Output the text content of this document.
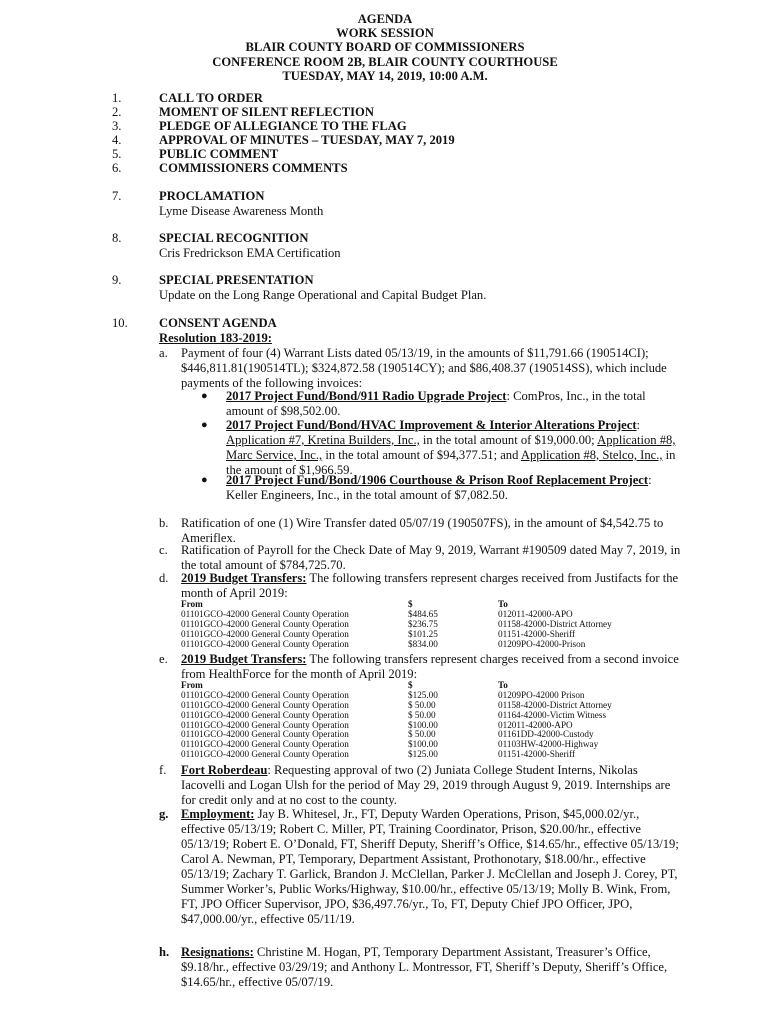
AGENDA
WORK SESSION
BLAIR COUNTY BOARD OF COMMISSIONERS
CONFERENCE ROOM 2B, BLAIR COUNTY COURTHOUSE
TUESDAY, MAY 14, 2019, 10:00 A.M.
1.	CALL TO ORDER
2.	MOMENT OF SILENT REFLECTION
3.	PLEDGE OF ALLEGIANCE TO THE FLAG
4.	APPROVAL OF MINUTES – TUESDAY, MAY 7, 2019
5.	PUBLIC COMMENT
6.	COMMISSIONERS COMMENTS
7.	PROCLAMATION
Lyme Disease Awareness Month
8.	SPECIAL RECOGNITION
Cris Fredrickson EMA Certification
9.	SPECIAL PRESENTATION
Update on the Long Range Operational and Capital Budget Plan.
10. CONSENT AGENDA
Resolution 183-2019:
a. Payment of four (4) Warrant Lists dated 05/13/19, in the amounts of $11,791.66 (190514CI); $446,811.81(190514TL); $324,872.58 (190514CY); and $86,408.37 (190514SS), which include payments of the following invoices:
● 2017 Project Fund/Bond/911 Radio Upgrade Project: ComPros, Inc., in the total amount of $98,502.00.
● 2017 Project Fund/Bond/HVAC Improvement & Interior Alterations Project: Application #7, Kretina Builders, Inc., in the total amount of $19,000.00; Application #8, Marc Service, Inc., in the total amount of $94,377.51; and Application #8, Stelco, Inc., in the amount of $1,966.59.
● 2017 Project Fund/Bond/1906 Courthouse & Prison Roof Replacement Project: Keller Engineers, Inc., in the total amount of $7,082.50.
b. Ratification of one (1) Wire Transfer dated 05/07/19 (190507FS), in the amount of $4,542.75 to Ameriflex.
c. Ratification of Payroll for the Check Date of May 9, 2019, Warrant #190509 dated May 7, 2019, in the total amount of $784,725.70.
d. 2019 Budget Transfers: The following transfers represent charges received from Justifacts for the month of April 2019:
From	$	To
01101GCO-42000 General County Operation	$484.65	012011-42000-APO
01101GCO-42000 General County Operation	$236.75	01158-42000-District Attorney
01101GCO-42000 General County Operation	$101.25	01151-42000-Sheriff
01101GCO-42000 General County Operation	$834.00	01209PO-42000-Prison
e. 2019 Budget Transfers: The following transfers represent charges received from a second invoice from HealthForce for the month of April 2019:
From	$	To
01101GCO-42000 General County Operation	$125.00	01209PO-42000 Prison
01101GCO-42000 General County Operation	$ 50.00	01158-42000-District Attorney
01101GCO-42000 General County Operation	$ 50.00	01164-42000-Victim Witness
01101GCO-42000 General County Operation	$100.00	012011-42000-APO
01101GCO-42000 General County Operation	$ 50.00	01161DD-42000-Custody
01101GCO-42000 General County Operation	$100.00	01103HW-42000-Highway
01101GCO-42000 General County Operation	$125.00	01151-42000-Sheriff
f. Fort Roberdeau: Requesting approval of two (2) Juniata College Student Interns, Nikolas Iacovelli and Logan Ulsh for the period of May 29, 2019 through August 9, 2019. Internships are for credit only and at no cost to the county.
g. Employment: Jay B. Whitesel, Jr., FT, Deputy Warden Operations, Prison, $45,000.02/yr., effective 05/13/19; Robert C. Miller, PT, Training Coordinator, Prison, $20.00/hr., effective 05/13/19; Robert E. O’Donald, FT, Sheriff Deputy, Sheriff’s Office, $14.65/hr., effective 05/13/19; Carol A. Newman, PT, Temporary, Department Assistant, Prothonotary, $18.00/hr., effective 05/13/19; Zachary T. Garlick, Brandon J. McClellan, Parker J. McClellan and Joseph J. Corey, PT, Summer Worker’s, Public Works/Highway, $10.00/hr., effective 05/13/19; Molly B. Wink, From, FT, JPO Officer Supervisor, JPO, $36,497.76/yr., To, FT, Deputy Chief JPO Officer, JPO, $47,000.00/yr., effective 05/11/19.
h. Resignations: Christine M. Hogan, PT, Temporary Department Assistant, Treasurer’s Office, $9.18/hr., effective 03/29/19; and Anthony L. Montressor, FT, Sheriff’s Deputy, Sheriff’s Office, $14.65/hr., effective 05/07/19.
